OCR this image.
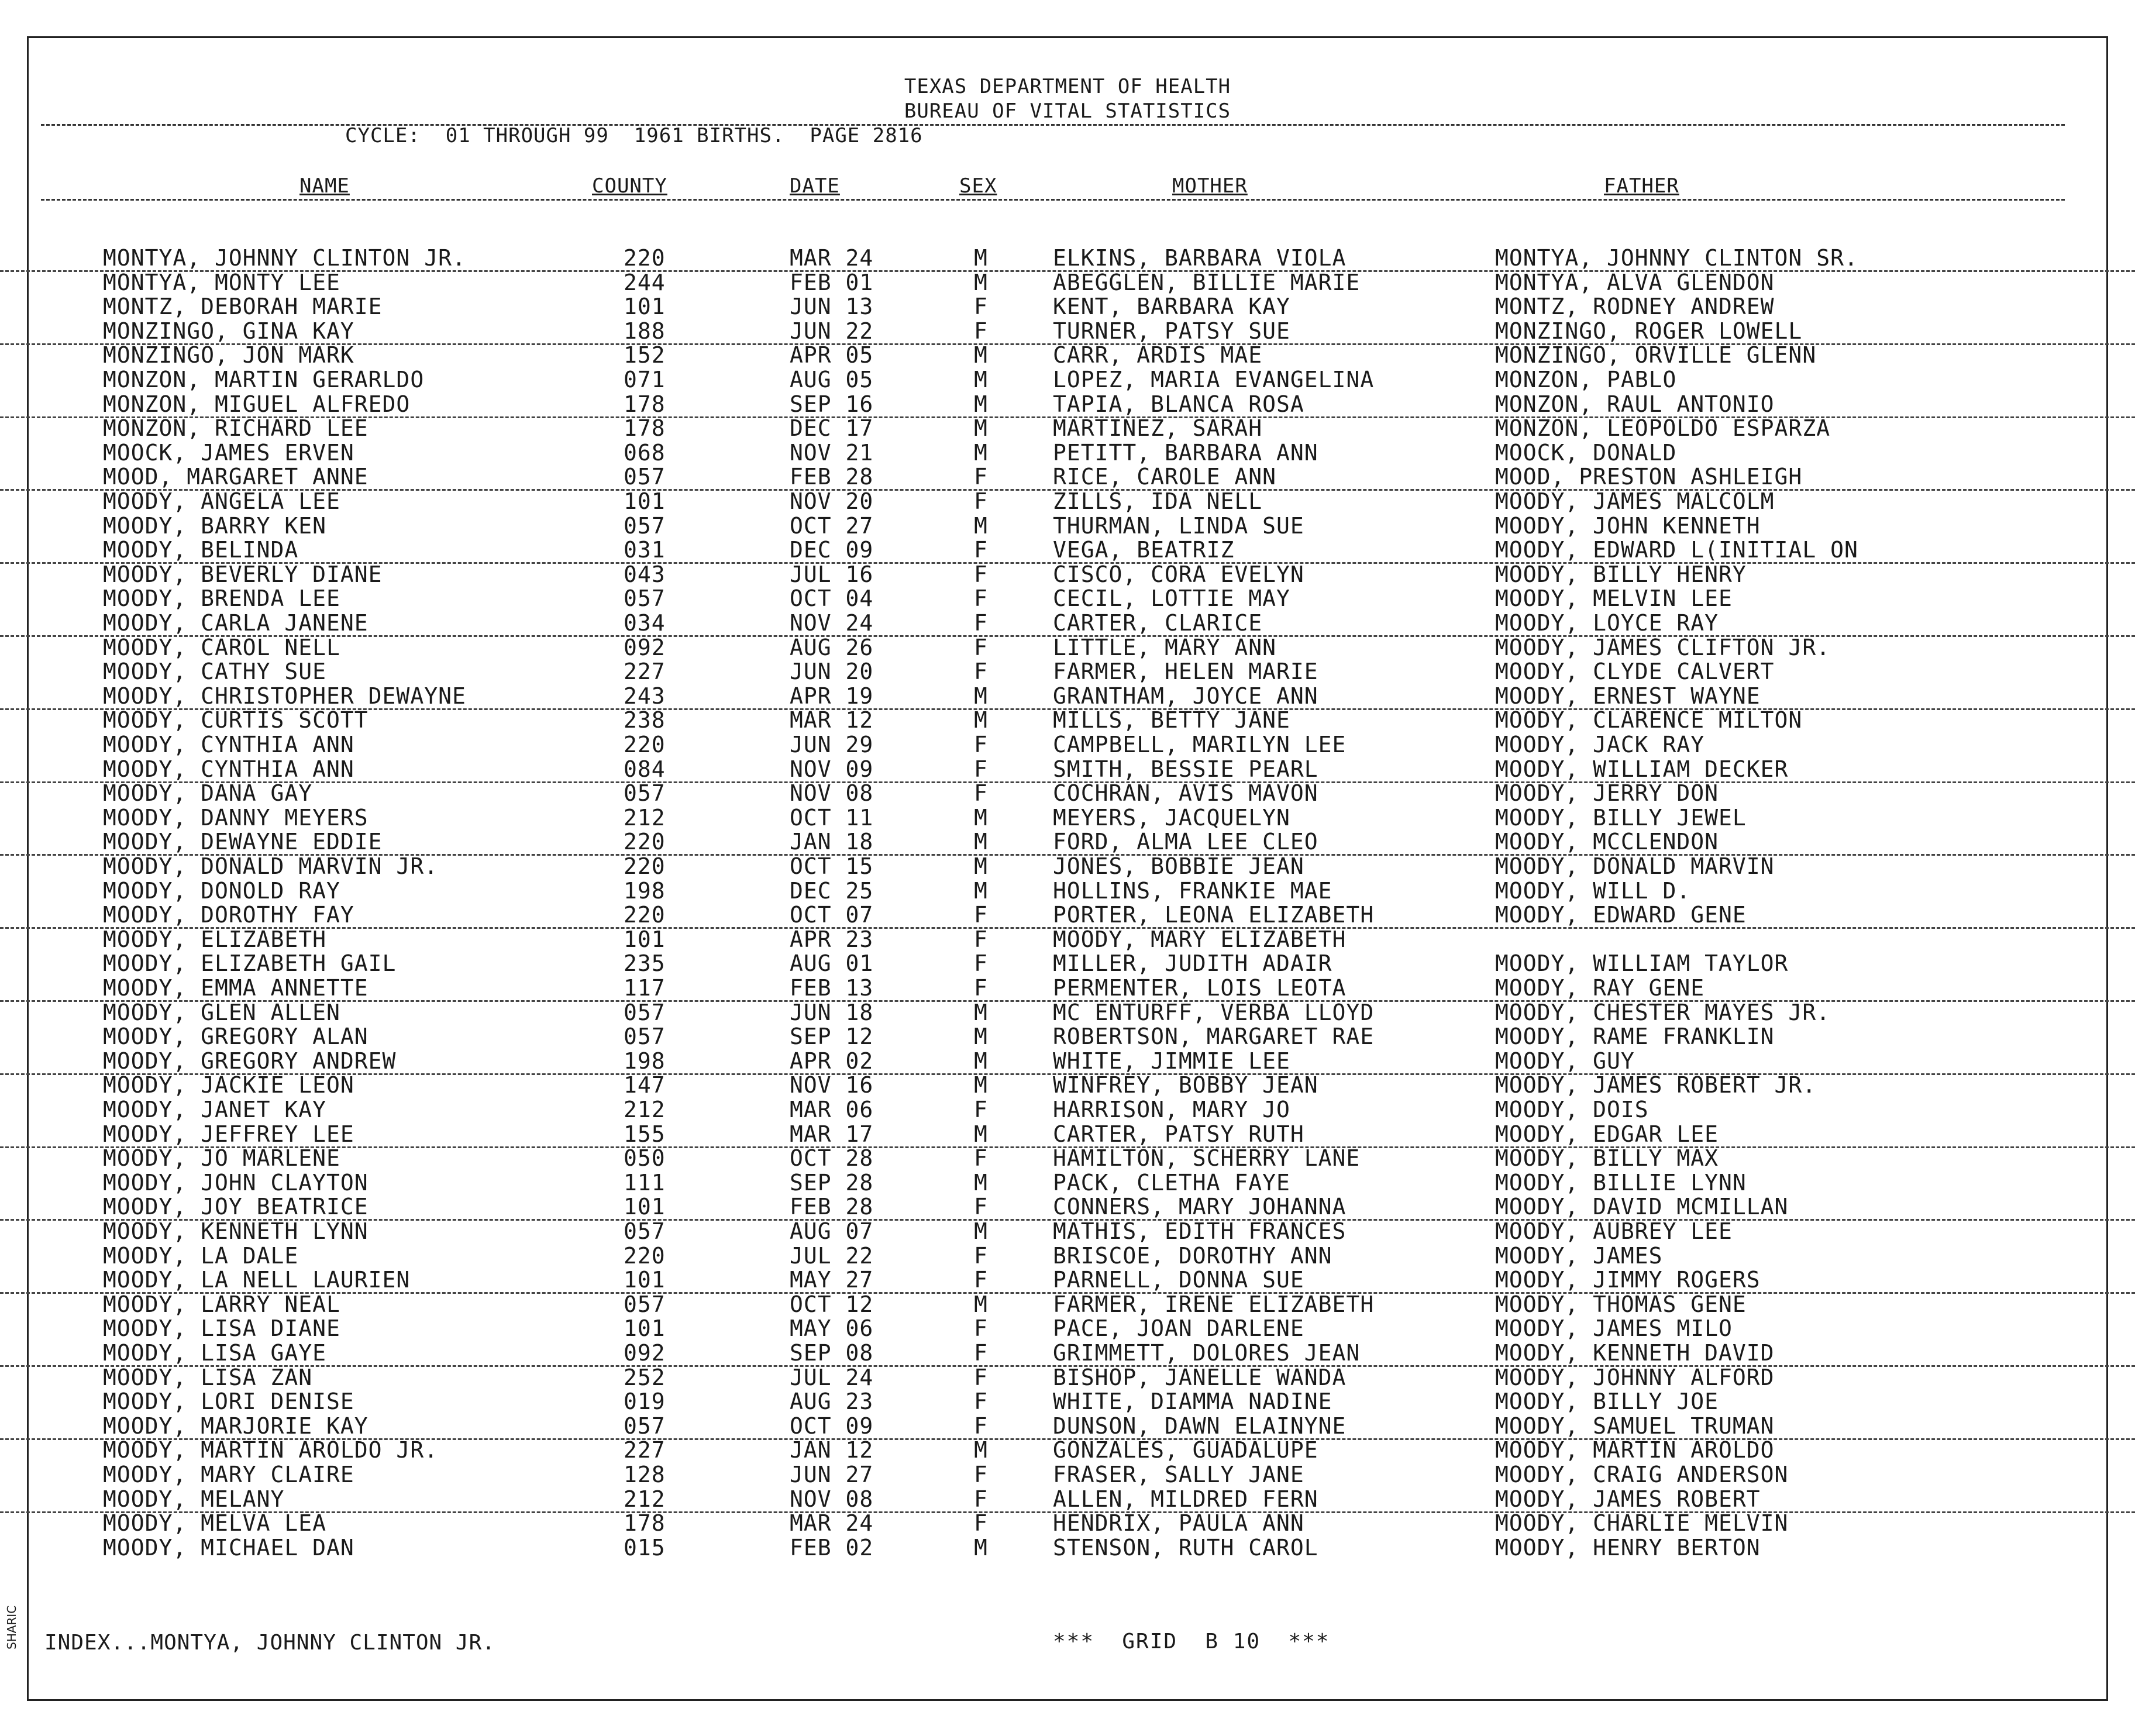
TEXAS DEPARTMENT OF HEALTH
BUREAU OF VITAL STATISTICS
CYCLE:  01 THROUGH 99  1961 BIRTHS.  PAGE 2816
NAME	COUNTY	DATE	SEX	MOTHER	FATHER
MONTYA, JOHNNY CLINTON JR.	220	MAR 24	M	ELKINS, BARBARA VIOLA	MONTYA, JOHNNY CLINTON SR.
MONTYA, MONTY LEE	244	FEB 01	M	ABEGGLEN, BILLIE MARIE	MONTYA, ALVA GLENDON
MONTZ, DEBORAH MARIE	101	JUN 13	F	KENT, BARBARA KAY	MONTZ, RODNEY ANDREW
MONZINGO, GINA KAY	188	JUN 22	F	TURNER, PATSY SUE	MONZINGO, ROGER LOWELL
MONZINGO, JON MARK	152	APR 05	M	CARR, ARDIS MAE	MONZINGO, ORVILLE GLENN
MONZON, MARTIN GERARLDO	071	AUG 05	M	LOPEZ, MARIA EVANGELINA	MONZON, PABLO
MONZON, MIGUEL ALFREDO	178	SEP 16	M	TAPIA, BLANCA ROSA	MONZON, RAUL ANTONIO
MONZON, RICHARD LEE	178	DEC 17	M	MARTINEZ, SARAH	MONZON, LEOPOLDO ESPARZA
MOOCK, JAMES ERVEN	068	NOV 21	M	PETITT, BARBARA ANN	MOOCK, DONALD
MOOD, MARGARET ANNE	057	FEB 28	F	RICE, CAROLE ANN	MOOD, PRESTON ASHLEIGH
MOODY, ANGELA LEE	101	NOV 20	F	ZILLS, IDA NELL	MOODY, JAMES MALCOLM
MOODY, BARRY KEN	057	OCT 27	M	THURMAN, LINDA SUE	MOODY, JOHN KENNETH
MOODY, BELINDA	031	DEC 09	F	VEGA, BEATRIZ	MOODY, EDWARD L(INITIAL ON
MOODY, BEVERLY DIANE	043	JUL 16	F	CISCO, CORA EVELYN	MOODY, BILLY HENRY
MOODY, BRENDA LEE	057	OCT 04	F	CECIL, LOTTIE MAY	MOODY, MELVIN LEE
MOODY, CARLA JANENE	034	NOV 24	F	CARTER, CLARICE	MOODY, LOYCE RAY
MOODY, CAROL NELL	092	AUG 26	F	LITTLE, MARY ANN	MOODY, JAMES CLIFTON JR.
MOODY, CATHY SUE	227	JUN 20	F	FARMER, HELEN MARIE	MOODY, CLYDE CALVERT
MOODY, CHRISTOPHER DEWAYNE	243	APR 19	M	GRANTHAM, JOYCE ANN	MOODY, ERNEST WAYNE
MOODY, CURTIS SCOTT	238	MAR 12	M	MILLS, BETTY JANE	MOODY, CLARENCE MILTON
MOODY, CYNTHIA ANN	220	JUN 29	F	CAMPBELL, MARILYN LEE	MOODY, JACK RAY
MOODY, CYNTHIA ANN	084	NOV 09	F	SMITH, BESSIE PEARL	MOODY, WILLIAM DECKER
MOODY, DANA GAY	057	NOV 08	F	COCHRAN, AVIS MAVON	MOODY, JERRY DON
MOODY, DANNY MEYERS	212	OCT 11	M	MEYERS, JACQUELYN	MOODY, BILLY JEWEL
MOODY, DEWAYNE EDDIE	220	JAN 18	M	FORD, ALMA LEE CLEO	MOODY, MCCLENDON
MOODY, DONALD MARVIN JR.	220	OCT 15	M	JONES, BOBBIE JEAN	MOODY, DONALD MARVIN
MOODY, DONOLD RAY	198	DEC 25	M	HOLLINS, FRANKIE MAE	MOODY, WILL D.
MOODY, DOROTHY FAY	220	OCT 07	F	PORTER, LEONA ELIZABETH	MOODY, EDWARD GENE
MOODY, ELIZABETH	101	APR 23	F	MOODY, MARY ELIZABETH
MOODY, ELIZABETH GAIL	235	AUG 01	F	MILLER, JUDITH ADAIR	MOODY, WILLIAM TAYLOR
MOODY, EMMA ANNETTE	117	FEB 13	F	PERMENTER, LOIS LEOTA	MOODY, RAY GENE
MOODY, GLEN ALLEN	057	JUN 18	M	MC ENTURFF, VERBA LLOYD	MOODY, CHESTER MAYES JR.
MOODY, GREGORY ALAN	057	SEP 12	M	ROBERTSON, MARGARET RAE	MOODY, RAME FRANKLIN
MOODY, GREGORY ANDREW	198	APR 02	M	WHITE, JIMMIE LEE	MOODY, GUY
MOODY, JACKIE LEON	147	NOV 16	M	WINFREY, BOBBY JEAN	MOODY, JAMES ROBERT JR.
MOODY, JANET KAY	212	MAR 06	F	HARRISON, MARY JO	MOODY, DOIS
MOODY, JEFFREY LEE	155	MAR 17	M	CARTER, PATSY RUTH	MOODY, EDGAR LEE
MOODY, JO MARLENE	050	OCT 28	F	HAMILTON, SCHERRY LANE	MOODY, BILLY MAX
MOODY, JOHN CLAYTON	111	SEP 28	M	PACK, CLETHA FAYE	MOODY, BILLIE LYNN
MOODY, JOY BEATRICE	101	FEB 28	F	CONNERS, MARY JOHANNA	MOODY, DAVID MCMILLAN
MOODY, KENNETH LYNN	057	AUG 07	M	MATHIS, EDITH FRANCES	MOODY, AUBREY LEE
MOODY, LA DALE	220	JUL 22	F	BRISCOE, DOROTHY ANN	MOODY, JAMES
MOODY, LA NELL LAURIEN	101	MAY 27	F	PARNELL, DONNA SUE	MOODY, JIMMY ROGERS
MOODY, LARRY NEAL	057	OCT 12	M	FARMER, IRENE ELIZABETH	MOODY, THOMAS GENE
MOODY, LISA DIANE	101	MAY 06	F	PACE, JOAN DARLENE	MOODY, JAMES MILO
MOODY, LISA GAYE	092	SEP 08	F	GRIMMETT, DOLORES JEAN	MOODY, KENNETH DAVID
MOODY, LISA ZAN	252	JUL 24	F	BISHOP, JANELLE WANDA	MOODY, JOHNNY ALFORD
MOODY, LORI DENISE	019	AUG 23	F	WHITE, DIAMMA NADINE	MOODY, BILLY JOE
MOODY, MARJORIE KAY	057	OCT 09	F	DUNSON, DAWN ELAINYNE	MOODY, SAMUEL TRUMAN
MOODY, MARTIN AROLDO JR.	227	JAN 12	M	GONZALES, GUADALUPE	MOODY, MARTIN AROLDO
MOODY, MARY CLAIRE	128	JUN 27	F	FRASER, SALLY JANE	MOODY, CRAIG ANDERSON
MOODY, MELANY	212	NOV 08	F	ALLEN, MILDRED FERN	MOODY, JAMES ROBERT
MOODY, MELVA LEA	178	MAR 24	F	HENDRIX, PAULA ANN	MOODY, CHARLIE MELVIN
MOODY, MICHAEL DAN	015	FEB 02	M	STENSON, RUTH CAROL	MOODY, HENRY BERTON
INDEX...MONTYA, JOHNNY CLINTON JR.	***  GRID  B 10  ***
SHARIC
